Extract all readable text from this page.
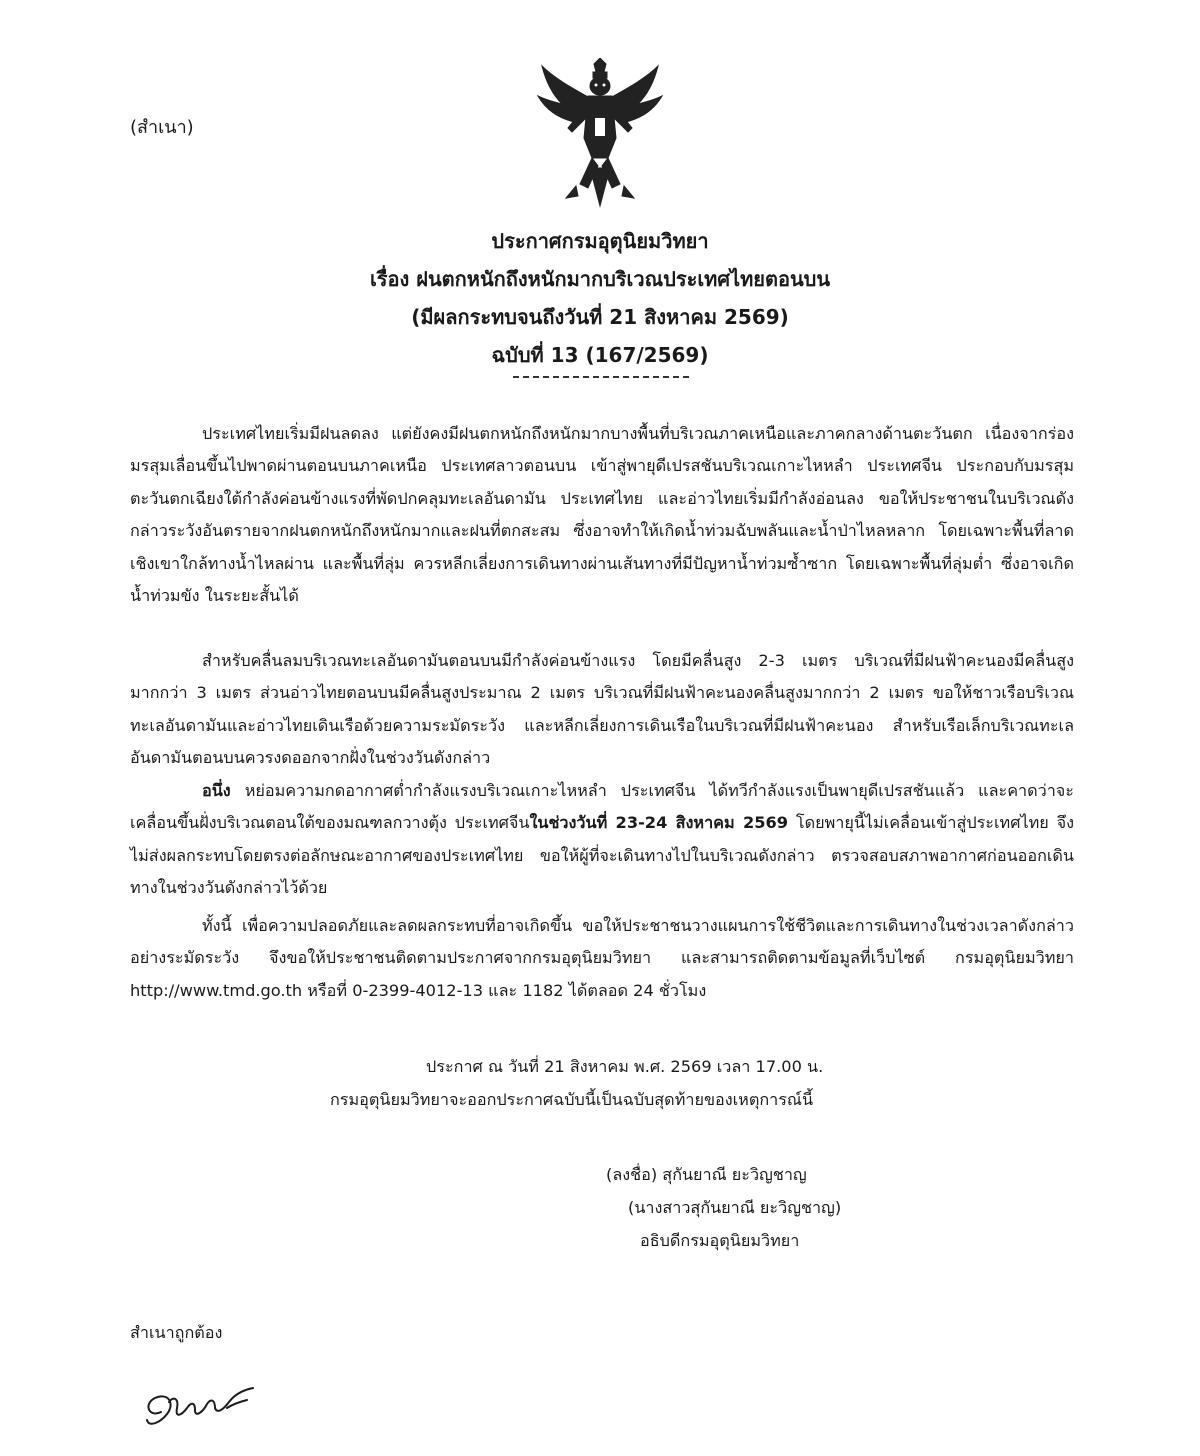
(สำเนา)
ประกาศกรมอุตุนิยมวิทยา
เรื่อง ฝนตกหนักถึงหนักมากบริเวณประเทศไทยตอนบน
(มีผลกระทบจนถึงวันที่ 21 สิงหาคม 2569)
ฉบับที่ 13 (167/2569)

ประเทศไทยเริ่มมีฝนลดลง แต่ยังคงมีฝนตกหนักถึงหนักมากบางพื้นที่บริเวณภาคเหนือและภาคกลางด้านตะวันตก เนื่องจากร่องมรสุมเลื่อนขึ้นไปพาดผ่านตอนบนภาคเหนือ ประเทศลาวตอนบน เข้าสู่พายุดีเปรสชันบริเวณเกาะไหหลำ ประเทศจีน ประกอบกับมรสุมตะวันตกเฉียงใต้กำลังค่อนข้างแรงที่พัดปกคลุมทะเลอันดามัน ประเทศไทย และอ่าวไทยเริ่มมีกำลังอ่อนลง ขอให้ประชาชนในบริเวณดังกล่าวระวังอันตรายจากฝนตกหนักถึงหนักมากและฝนที่ตกสะสม ซึ่งอาจทำให้เกิดน้ำท่วมฉับพลันและน้ำป่าไหลหลาก โดยเฉพาะพื้นที่ลาดเชิงเขาใกล้ทางน้ำไหลผ่าน และพื้นที่ลุ่ม ควรหลีกเลี่ยงการเดินทางผ่านเส้นทางที่มีปัญหาน้ำท่วมซ้ำซาก โดยเฉพาะพื้นที่ลุ่มต่ำ ซึ่งอาจเกิดน้ำท่วมขัง ในระยะสั้นได้

สำหรับคลื่นลมบริเวณทะเลอันดามันตอนบนมีกำลังค่อนข้างแรง โดยมีคลื่นสูง 2-3 เมตร บริเวณที่มีฝนฟ้าคะนองมีคลื่นสูงมากกว่า 3 เมตร ส่วนอ่าวไทยตอนบนมีคลื่นสูงประมาณ 2 เมตร บริเวณที่มีฝนฟ้าคะนองคลื่นสูงมากกว่า 2 เมตร ขอให้ชาวเรือบริเวณทะเลอันดามันและอ่าวไทยเดินเรือด้วยความระมัดระวัง และหลีกเลี่ยงการเดินเรือในบริเวณที่มีฝนฟ้าคะนอง สำหรับเรือเล็กบริเวณทะเลอันดามันตอนบนควรงดออกจากฝั่งในช่วงวันดังกล่าว

อนึ่ง หย่อมความกดอากาศต่ำกำลังแรงบริเวณเกาะไหหลำ ประเทศจีน ได้ทวีกำลังแรงเป็นพายุดีเปรสชันแล้ว และคาดว่าจะเคลื่อนขึ้นฝั่งบริเวณตอนใต้ของมณฑลกวางตุ้ง ประเทศจีนในช่วงวันที่ 23-24 สิงหาคม 2569 โดยพายุนี้ไม่เคลื่อนเข้าสู่ประเทศไทย จึงไม่ส่งผลกระทบโดยตรงต่อลักษณะอากาศของประเทศไทย ขอให้ผู้ที่จะเดินทางไปในบริเวณดังกล่าว ตรวจสอบสภาพอากาศก่อนออกเดินทางในช่วงวันดังกล่าวไว้ด้วย

ทั้งนี้ เพื่อความปลอดภัยและลดผลกระทบที่อาจเกิดขึ้น ขอให้ประชาชนวางแผนการใช้ชีวิตและการเดินทางในช่วงเวลาดังกล่าวอย่างระมัดระวัง จึงขอให้ประชาชนติดตามประกาศจากกรมอุตุนิยมวิทยา และสามารถติดตามข้อมูลที่เว็บไซต์ กรมอุตุนิยมวิทยา http://www.tmd.go.th หรือที่ 0-2399-4012-13 และ 1182 ได้ตลอด 24 ชั่วโมง

ประกาศ ณ วันที่ 21 สิงหาคม พ.ศ. 2569 เวลา 17.00 น.
กรมอุตุนิยมวิทยาจะออกประกาศฉบับนี้เป็นฉบับสุดท้ายของเหตุการณ์นี้
(ลงชื่อ) สุกันยาณี ยะวิญชาญ
(นางสาวสุกันยาณี ยะวิญชาญ)
อธิบดีกรมอุตุนิยมวิทยา
สำเนาถูกต้อง
